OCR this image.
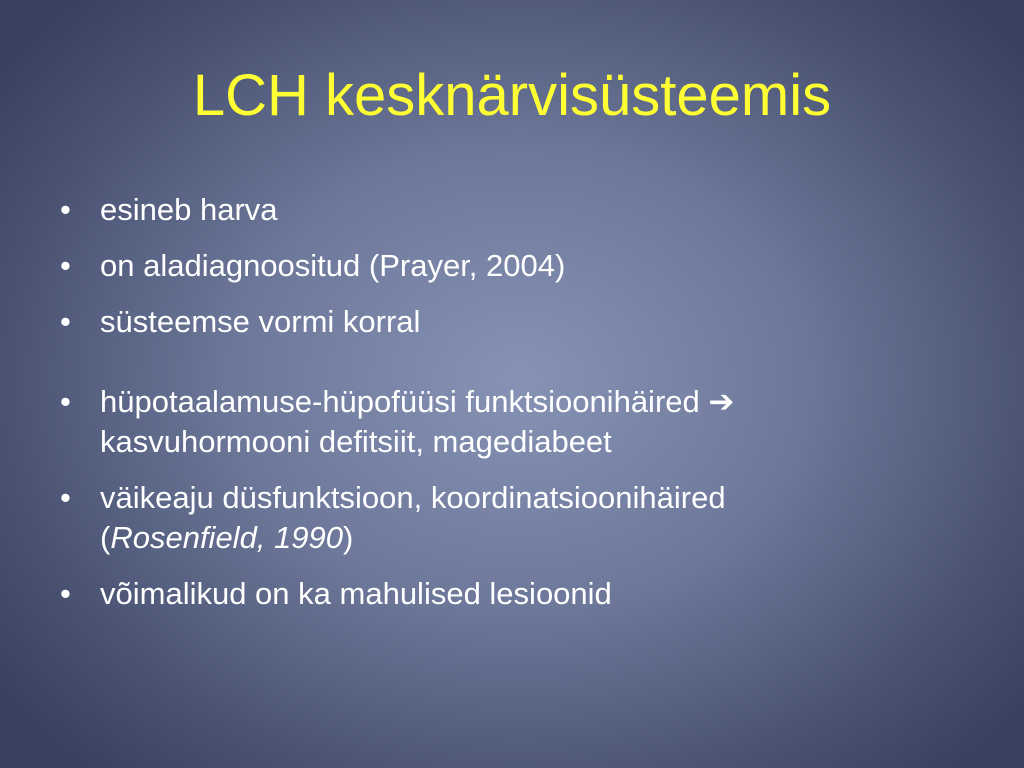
LCH kesknärvisüsteemis
• esineb harva
• on aladiagnoositud (Prayer, 2004)
• süsteemse vormi korral
• hüpotaalamuse-hüpofüüsi funktsioonihäired ➔
kasvuhormooni defitsiit, magediabeet
• väikeaju düsfunktsioon, koordinatsioonihäired
(Rosenfield, 1990)
• võimalikud on ka mahulised lesioonid
